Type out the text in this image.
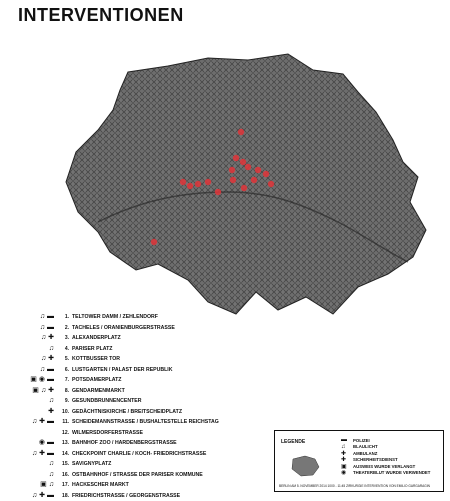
INTERVENTIONEN
♫ ▬	1. TELTOWER DAMM / ZEHLENDORF
♫ ▬	2. TACHELES / ORANIENBURGERSTRASSE
♫ ✚	3. ALEXANDERPLATZ
♫	4. PARISER PLATZ
♫ ✚	5. KOTTBUSSER TOR
♫ ▬	6. LUSTGARTEN / PALAST DER REPUBLIK
▣ ◉ ▬	7. POTSDAMERPLATZ
▣ ♫ ✚	8. GENDARMENMARKT
♫	9. GESUNDBRUNNENCENTER
✚	10. GEDÄCHTNISKIRCHE / BREITSCHEIDPLATZ
♫ ✚ ▬	11. SCHEIDEMANNSTRASSE / BUSHALTESTELLE REICHSTAG
12. WILMERSDORFERSTRASSE
◉ ▬	13. BAHNHOF ZOO / HARDENBERGSTRASSE
♫ ✚ ▬	14. CHECKPOINT CHARLIE / KOCH- FRIEDRICHSTRASSE
♫	15. SAVIGNYPLATZ
♫	16. OSTBAHNHOF / STRASSE DER PARISER KOMMUNE
▣ ♫	17. HACKESCHER MARKT
♫ ✚ ▬	18. FRIEDRICHSTRASSE / GEORGENSTRASSE
LEGENDE	▬	POLIZEI
♫	BLAULICHT
✚	AMBULANZ
✚	SICHERHEITSDIENST
▣	AUSWEIS WURDE VERLANGT
◉	THEATERBLUT WURDE VERWENDET
BERLIN AM 5. NOVEMBER 2014 1000 - 11:45 ZIRKURGIE INTERVENTION VON EMILIO GARGARAGIN
